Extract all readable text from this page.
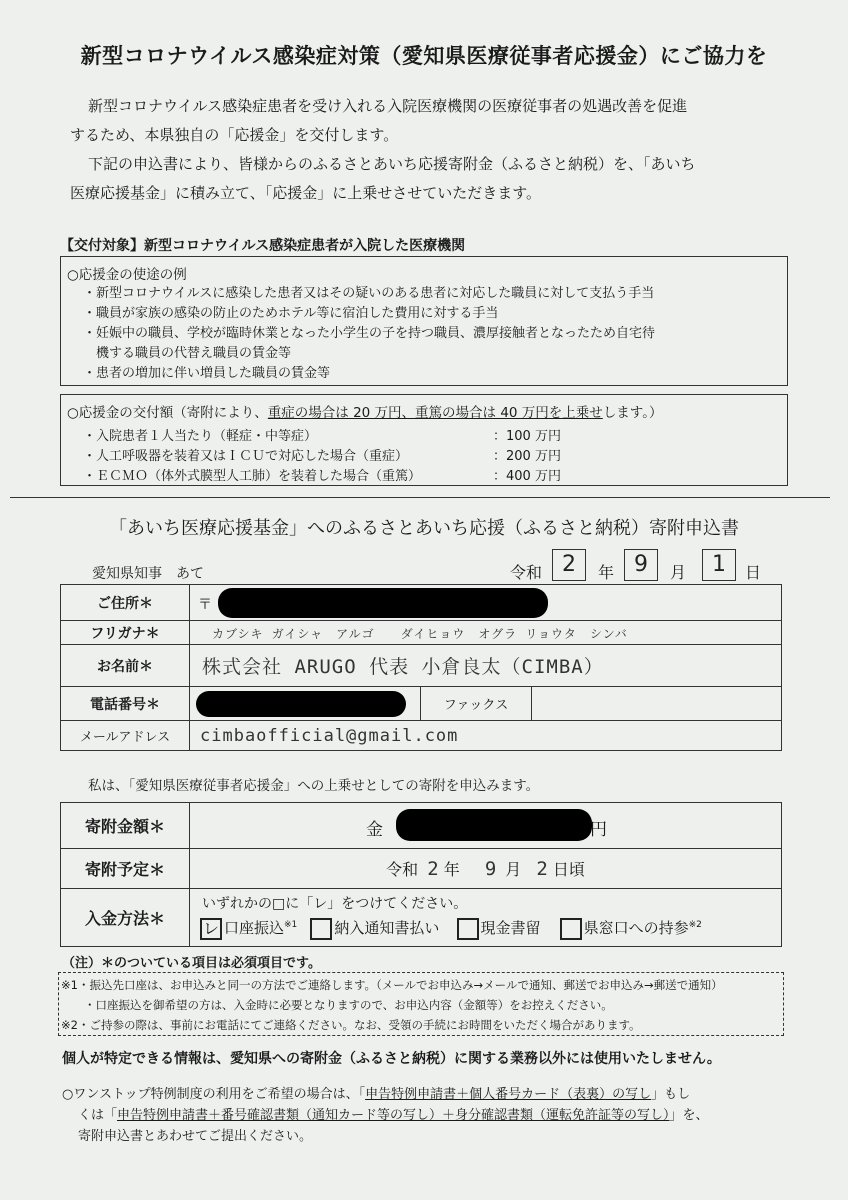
新型コロナウイルス感染症対策（愛知県医療従事者応援金）にご協力を
新型コロナウイルス感染症患者を受け入れる入院医療機関の医療従事者の処遇改善を促進
するため、本県独自の「応援金」を交付します。
下記の申込書により、皆様からのふるさとあいち応援寄附金（ふるさと納税）を、「あいち
医療応援基金」に積み立て、「応援金」に上乗せさせていただきます。
【交付対象】新型コロナウイルス感染症患者が入院した医療機関
○応援金の使途の例
・新型コロナウイルスに感染した患者又はその疑いのある患者に対応した職員に対して支払う手当
・職員が家族の感染の防止のためホテル等に宿泊した費用に対する手当
・妊娠中の職員、学校が臨時休業となった小学生の子を持つ職員、濃厚接触者となったため自宅待
　機する職員の代替え職員の賃金等
・患者の増加に伴い増員した職員の賃金等
○応援金の交付額（寄附により、重症の場合は 20 万円、重篤の場合は 40 万円を上乗せします。）
・入院患者１人当たり（軽症・中等症）	：100 万円
・人工呼吸器を装着又はＩＣＵで対応した場合（重症）	：200 万円
・ＥＣＭＯ（体外式膜型人工肺）を装着した場合（重篤）	：400 万円
「あいち医療応援基金」へのふるさとあいち応援（ふるさと納税）寄附申込書
愛知県知事　あて	令和 2	年 9	月	1	日
ご住所＊	〒		

フリガナ＊	カブシキ ガイシャ　アルゴ　　ダイヒョウ　オグラ リョウタ　シンバ		
お名前＊	株式会社 ARUGO 代表 小倉良太（CIMBA）		
電話番号＊		ファックス	
メールアドレス	cimbaofficial@gmail.com		
私は、「愛知県医療従事者応援金」への上乗せとしての寄附を申込みます。
寄附金額＊	金 円

寄附予定＊	令和 2 年 9 月 2 日頃
入金方法＊	いずれかの□に「レ」をつけてください。
レ 口座振込$^{※1}$ 納入通知書払い 現金書留 県窓口への持参$^{※2}$
（注）＊のついている項目は必須項目です。
※1・振込先口座は、お申込みと同一の方法でご連絡します。（メールでお申込み→メールで通知、郵送でお申込み→郵送で通知）
　　・口座振込を御希望の方は、入金時に必要となりますので、お申込内容（金額等）をお控えください。
※2・ご持参の際は、事前にお電話にてご連絡ください。なお、受領の手続にお時間をいただく場合があります。
個人が特定できる情報は、愛知県への寄附金（ふるさと納税）に関する業務以外には使用いたしません。
○ワンストップ特例制度の利用をご希望の場合は、「申告特例申請書＋個人番号カード（表裏）の写し」もし
くは「申告特例申請書＋番号確認書類（通知カード等の写し）＋身分確認書類（運転免許証等の写し）」を、
寄附申込書とあわせてご提出ください。
